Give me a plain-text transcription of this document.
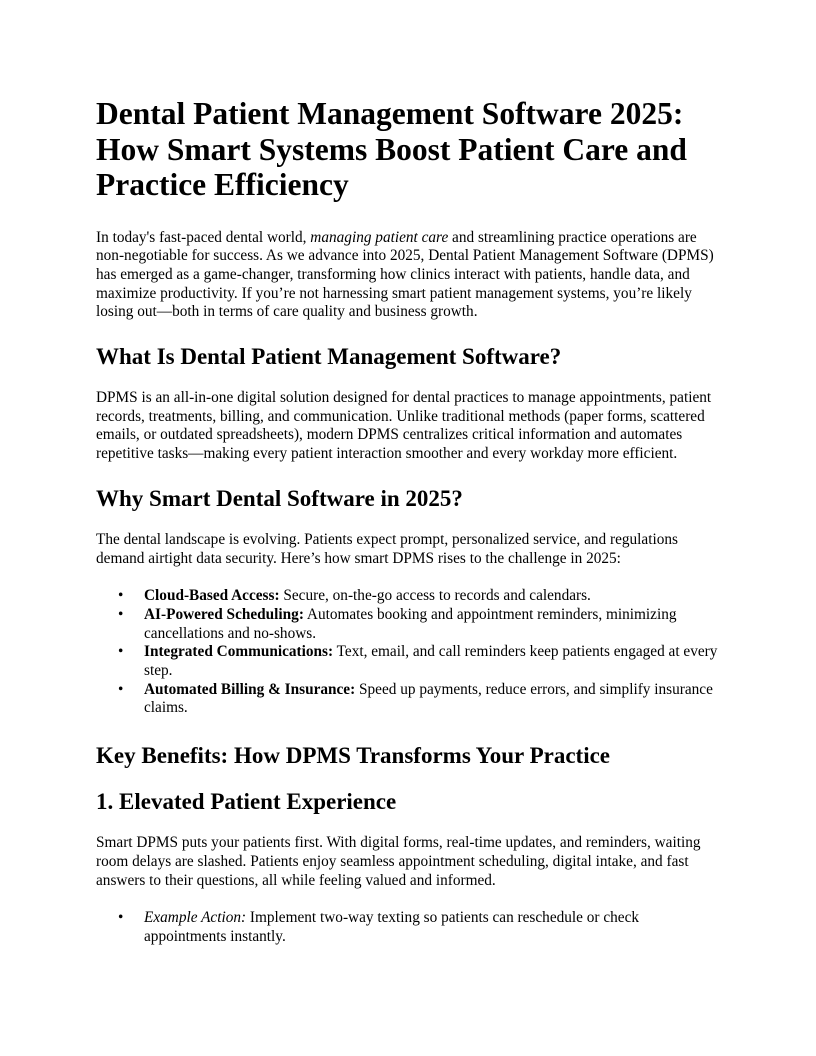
Dental Patient Management Software 2025: How Smart Systems Boost Patient Care and Practice Efficiency

In today's fast-paced dental world, managing patient care and streamlining practice operations are non-negotiable for success. As we advance into 2025, Dental Patient Management Software (DPMS) has emerged as a game-changer, transforming how clinics interact with patients, handle data, and maximize productivity. If you’re not harnessing smart patient management systems, you’re likely losing out—both in terms of care quality and business growth.

What Is Dental Patient Management Software?

DPMS is an all-in-one digital solution designed for dental practices to manage appointments, patient records, treatments, billing, and communication. Unlike traditional methods (paper forms, scattered emails, or outdated spreadsheets), modern DPMS centralizes critical information and automates repetitive tasks—making every patient interaction smoother and every workday more efficient.

Why Smart Dental Software in 2025?

The dental landscape is evolving. Patients expect prompt, personalized service, and regulations demand airtight data security. Here’s how smart DPMS rises to the challenge in 2025:

• Cloud-Based Access: Secure, on-the-go access to records and calendars.
• AI-Powered Scheduling: Automates booking and appointment reminders, minimizing cancellations and no-shows.
• Integrated Communications: Text, email, and call reminders keep patients engaged at every step.
• Automated Billing & Insurance: Speed up payments, reduce errors, and simplify insurance claims.
Key Benefits: How DPMS Transforms Your Practice
1. Elevated Patient Experience

Smart DPMS puts your patients first. With digital forms, real-time updates, and reminders, waiting room delays are slashed. Patients enjoy seamless appointment scheduling, digital intake, and fast answers to their questions, all while feeling valued and informed.

• Example Action: Implement two-way texting so patients can reschedule or check appointments instantly.
